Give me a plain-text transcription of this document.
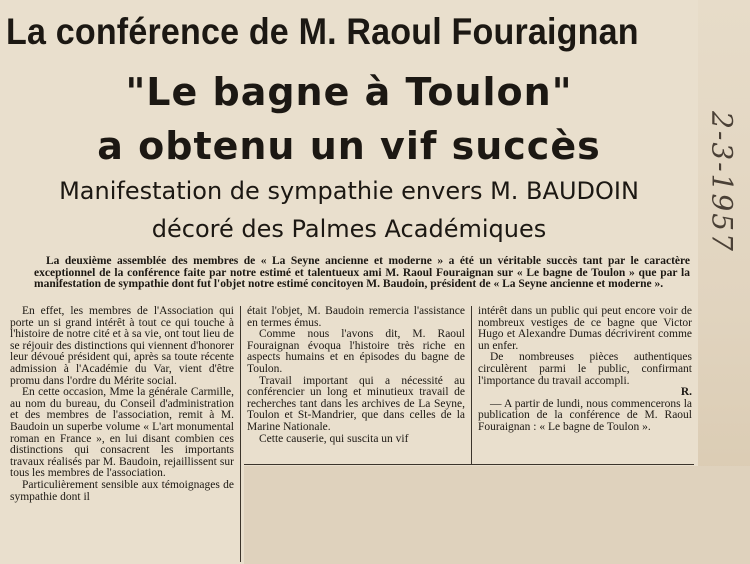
La conférence de M. Raoul Fouraignan
"Le bagne à Toulon"
a obtenu un vif succès
Manifestation de sympathie envers M. BAUDOIN
décoré des Palmes Académiques	2-3-1957

La deuxième assemblée des membres de « La Seyne ancienne et moderne » a été un véritable succès tant par le caractère exceptionnel de la conférence faite par notre estimé et talentueux ami M. Raoul Fouraignan sur « Le bagne de Toulon » que par la manifestation de sympathie dont fut l'objet notre estimé concitoyen M. Baudoin, président de « La Seyne ancienne et moderne ».

En effet, les membres de l'Association qui porte un si grand intérêt à tout ce qui touche à l'histoire de notre cité et à sa vie, ont tout lieu de se réjouir des distinctions qui viennent d'honorer leur dévoué président qui, après sa toute récente admission à l'Académie du Var, vient d'être promu dans l'ordre du Mérite social.

En cette occasion, Mme la générale Carmille, au nom du bureau, du Conseil d'administration et des membres de l'association, remit à M. Baudoin un superbe volume « L'art monumental roman en France », en lui disant combien ces distinctions qui consacrent les importants travaux réalisés par M. Baudoin, rejaillissent sur tous les membres de l'association.

Particulièrement sensible aux témoignages de sympathie dont il

était l'objet, M. Baudoin remercia l'assistance en termes émus.

Comme nous l'avons dit, M. Raoul Fouraignan évoqua l'histoire très riche en aspects humains et en épisodes du bagne de Toulon.

Travail important qui a nécessité au conférencier un long et minutieux travail de recherches tant dans les archives de La Seyne, Toulon et St-Mandrier, que dans celles de la Marine Nationale.

Cette causerie, qui suscita un vif

intérêt dans un public qui peut encore voir de nombreux vestiges de ce bagne que Victor Hugo et Alexandre Dumas décrivirent comme un enfer.

De nombreuses pièces authentiques circulèrent parmi le public, confirmant l'importance du travail accompli.

R.

— A partir de lundi, nous commencerons la publication de la conférence de M. Raoul Fouraignan : « Le bagne de Toulon ».
